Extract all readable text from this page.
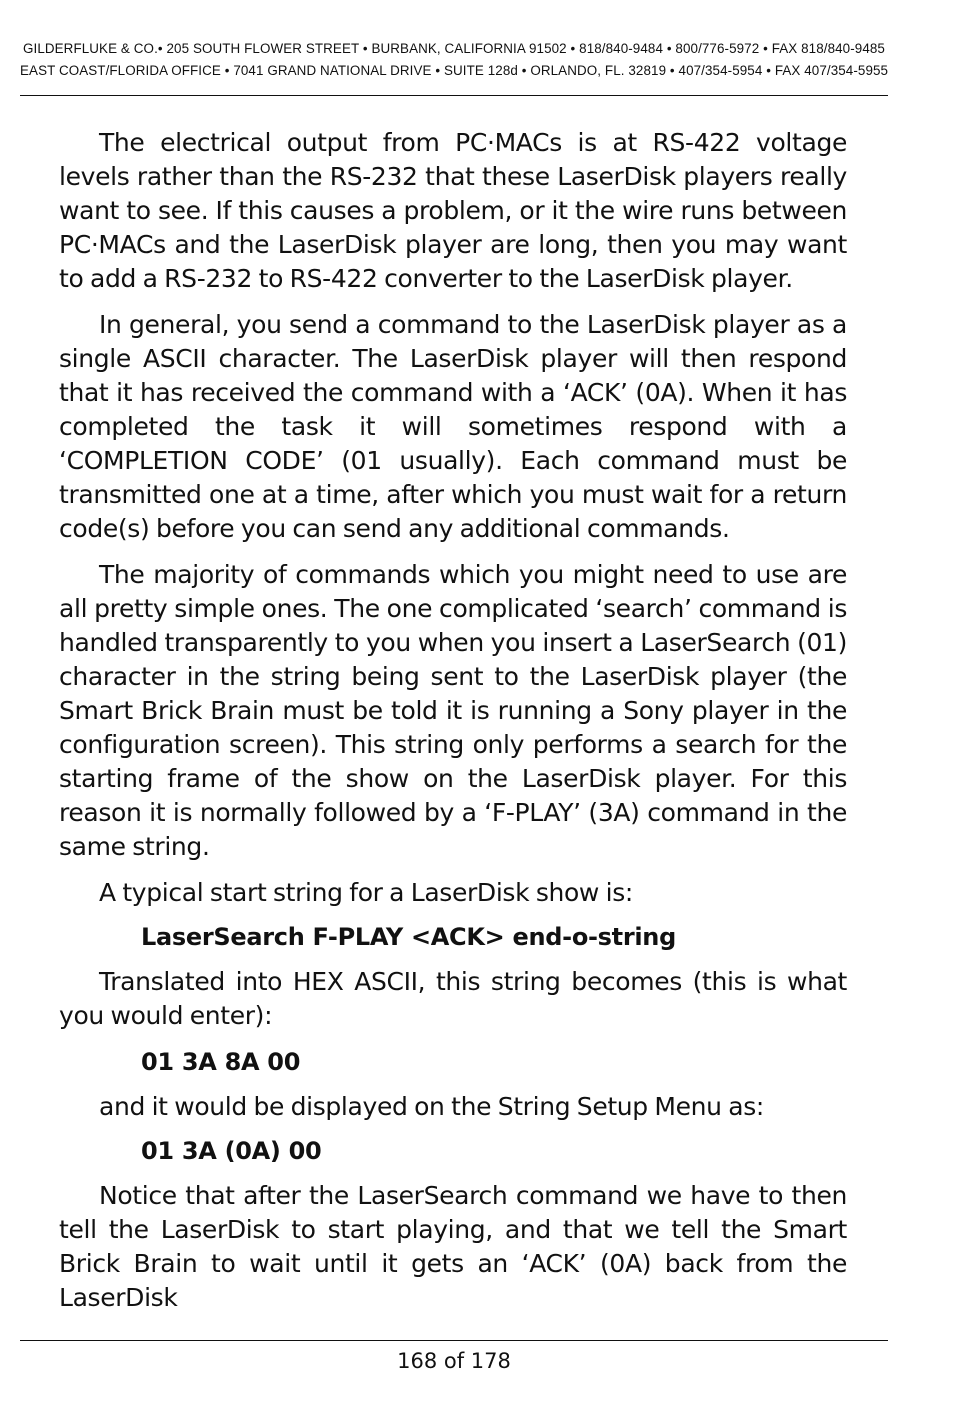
GILDERFLUKE & CO.• 205 SOUTH FLOWER STREET • BURBANK, CALIFORNIA 91502 • 818/840-9484 • 800/776-5972 • FAX 818/840-9485
EAST COAST/FLORIDA OFFICE • 7041 GRAND NATIONAL DRIVE • SUITE 128d • ORLANDO, FL. 32819 • 407/354-5954 • FAX 407/354-5955

The electrical output from PC·MACs is at RS-422 voltage levels rather than the RS-232 that these LaserDisk players really want to see. If this causes a problem, or it the wire runs between PC·MACs and the LaserDisk player are long, then you may want to add a RS-232 to RS-422 converter to the LaserDisk player.

In general, you send a command to the LaserDisk player as a single ASCII character. The LaserDisk player will then respond that it has received the command with a ‘ACK’ (0A). When it has completed the task it will sometimes respond with a ‘COMPLETION CODE’ (01 usually). Each command must be transmitted one at a time, after which you must wait for a return code(s) before you can send any additional commands.

The majority of commands which you might need to use are all pretty simple ones. The one complicated ‘search’ command is handled transparently to you when you insert a LaserSearch (01) character in the string being sent to the LaserDisk player (the Smart Brick Brain must be told it is running a Sony player in the configuration screen). This string only performs a search for the starting frame of the show on the LaserDisk player. For this reason it is normally followed by a ‘F-PLAY’ (3A) command in the same string.

A typical start string for a LaserDisk show is:

LaserSearch F-PLAY <ACK> end-o-string

Translated into HEX ASCII, this string becomes (this is what you would enter):

01 3A 8A 00

and it would be displayed on the String Setup Menu as:

01 3A (0A) 00

Notice that after the LaserSearch command we have to then tell the LaserDisk to start playing, and that we tell the Smart Brick Brain to wait until it gets an ‘ACK’ (0A) back from the LaserDisk

168 of 178
